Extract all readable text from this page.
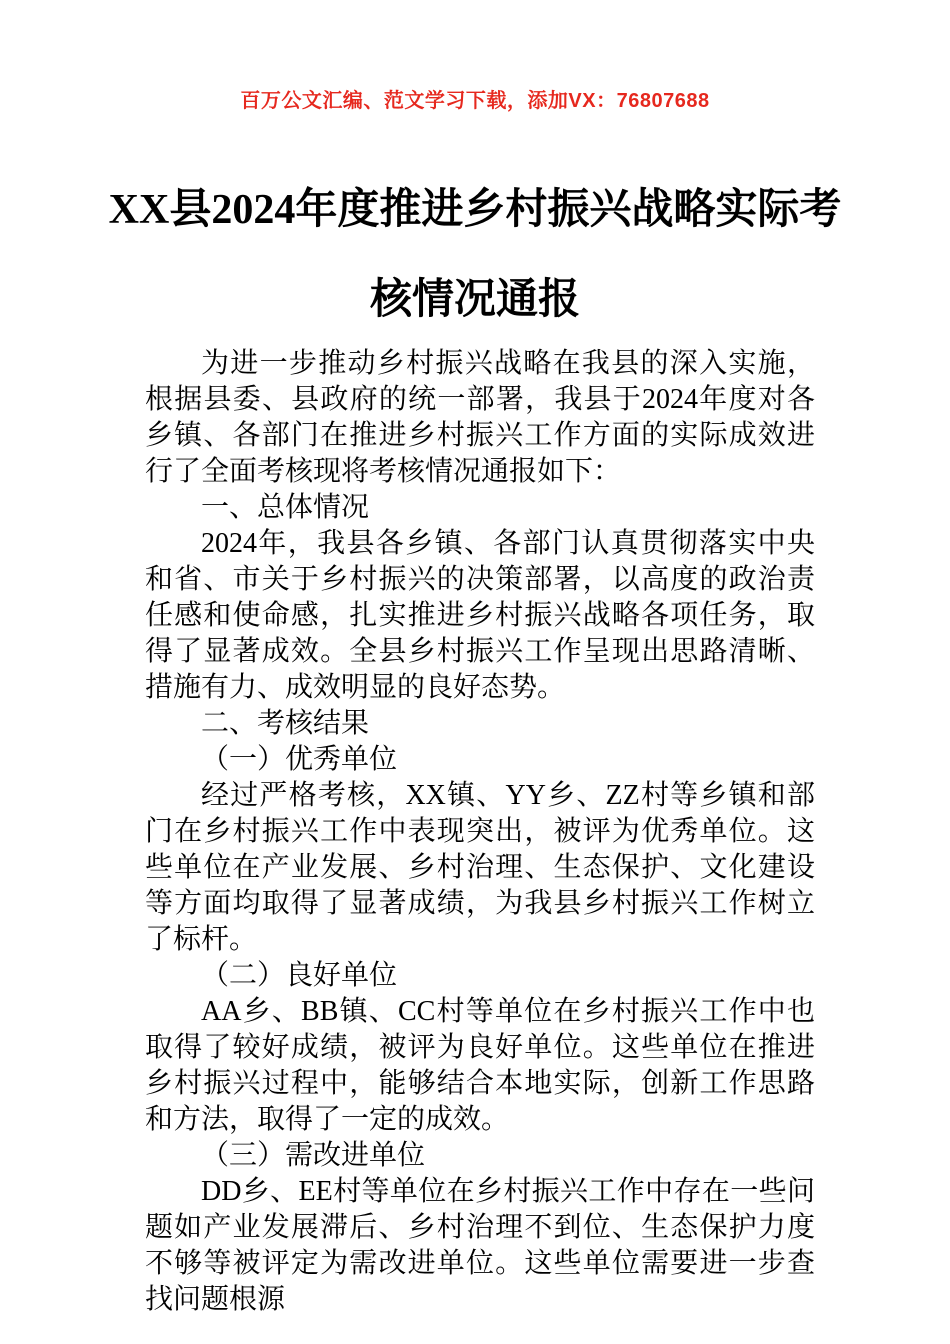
百万公文汇编、范文学习下载，添加VX：76807688
XX县2024年度推进乡村振兴战略实际考
核情况通报

为进一步推动乡村振兴战略在我县的深入实施，根据县委、县政府的统一部署，我县于2024年度对各乡镇、各部门在推进乡村振兴工作方面的实际成效进行了全面考核现将考核情况通报如下：

一、总体情况

2024年，我县各乡镇、各部门认真贯彻落实中央和省、市关于乡村振兴的决策部署，以高度的政治责任感和使命感，扎实推进乡村振兴战略各项任务，取得了显著成效。全县乡村振兴工作呈现出思路清晰、措施有力、成效明显的良好态势。

二、考核结果

（一）优秀单位

经过严格考核，XX镇、YY乡、ZZ村等乡镇和部门在乡村振兴工作中表现突出，被评为优秀单位。这些单位在产业发展、乡村治理、生态保护、文化建设等方面均取得了显著成绩，为我县乡村振兴工作树立了标杆。

（二）良好单位

AA乡、BB镇、CC村等单位在乡村振兴工作中也取得了较好成绩，被评为良好单位。这些单位在推进乡村振兴过程中，能够结合本地实际，创新工作思路和方法，取得了一定的成效。

（三）需改进单位

DD乡、EE村等单位在乡村振兴工作中存在一些问题如产业发展滞后、乡村治理不到位、生态保护力度不够等被评定为需改进单位。这些单位需要进一步查找问题根源
